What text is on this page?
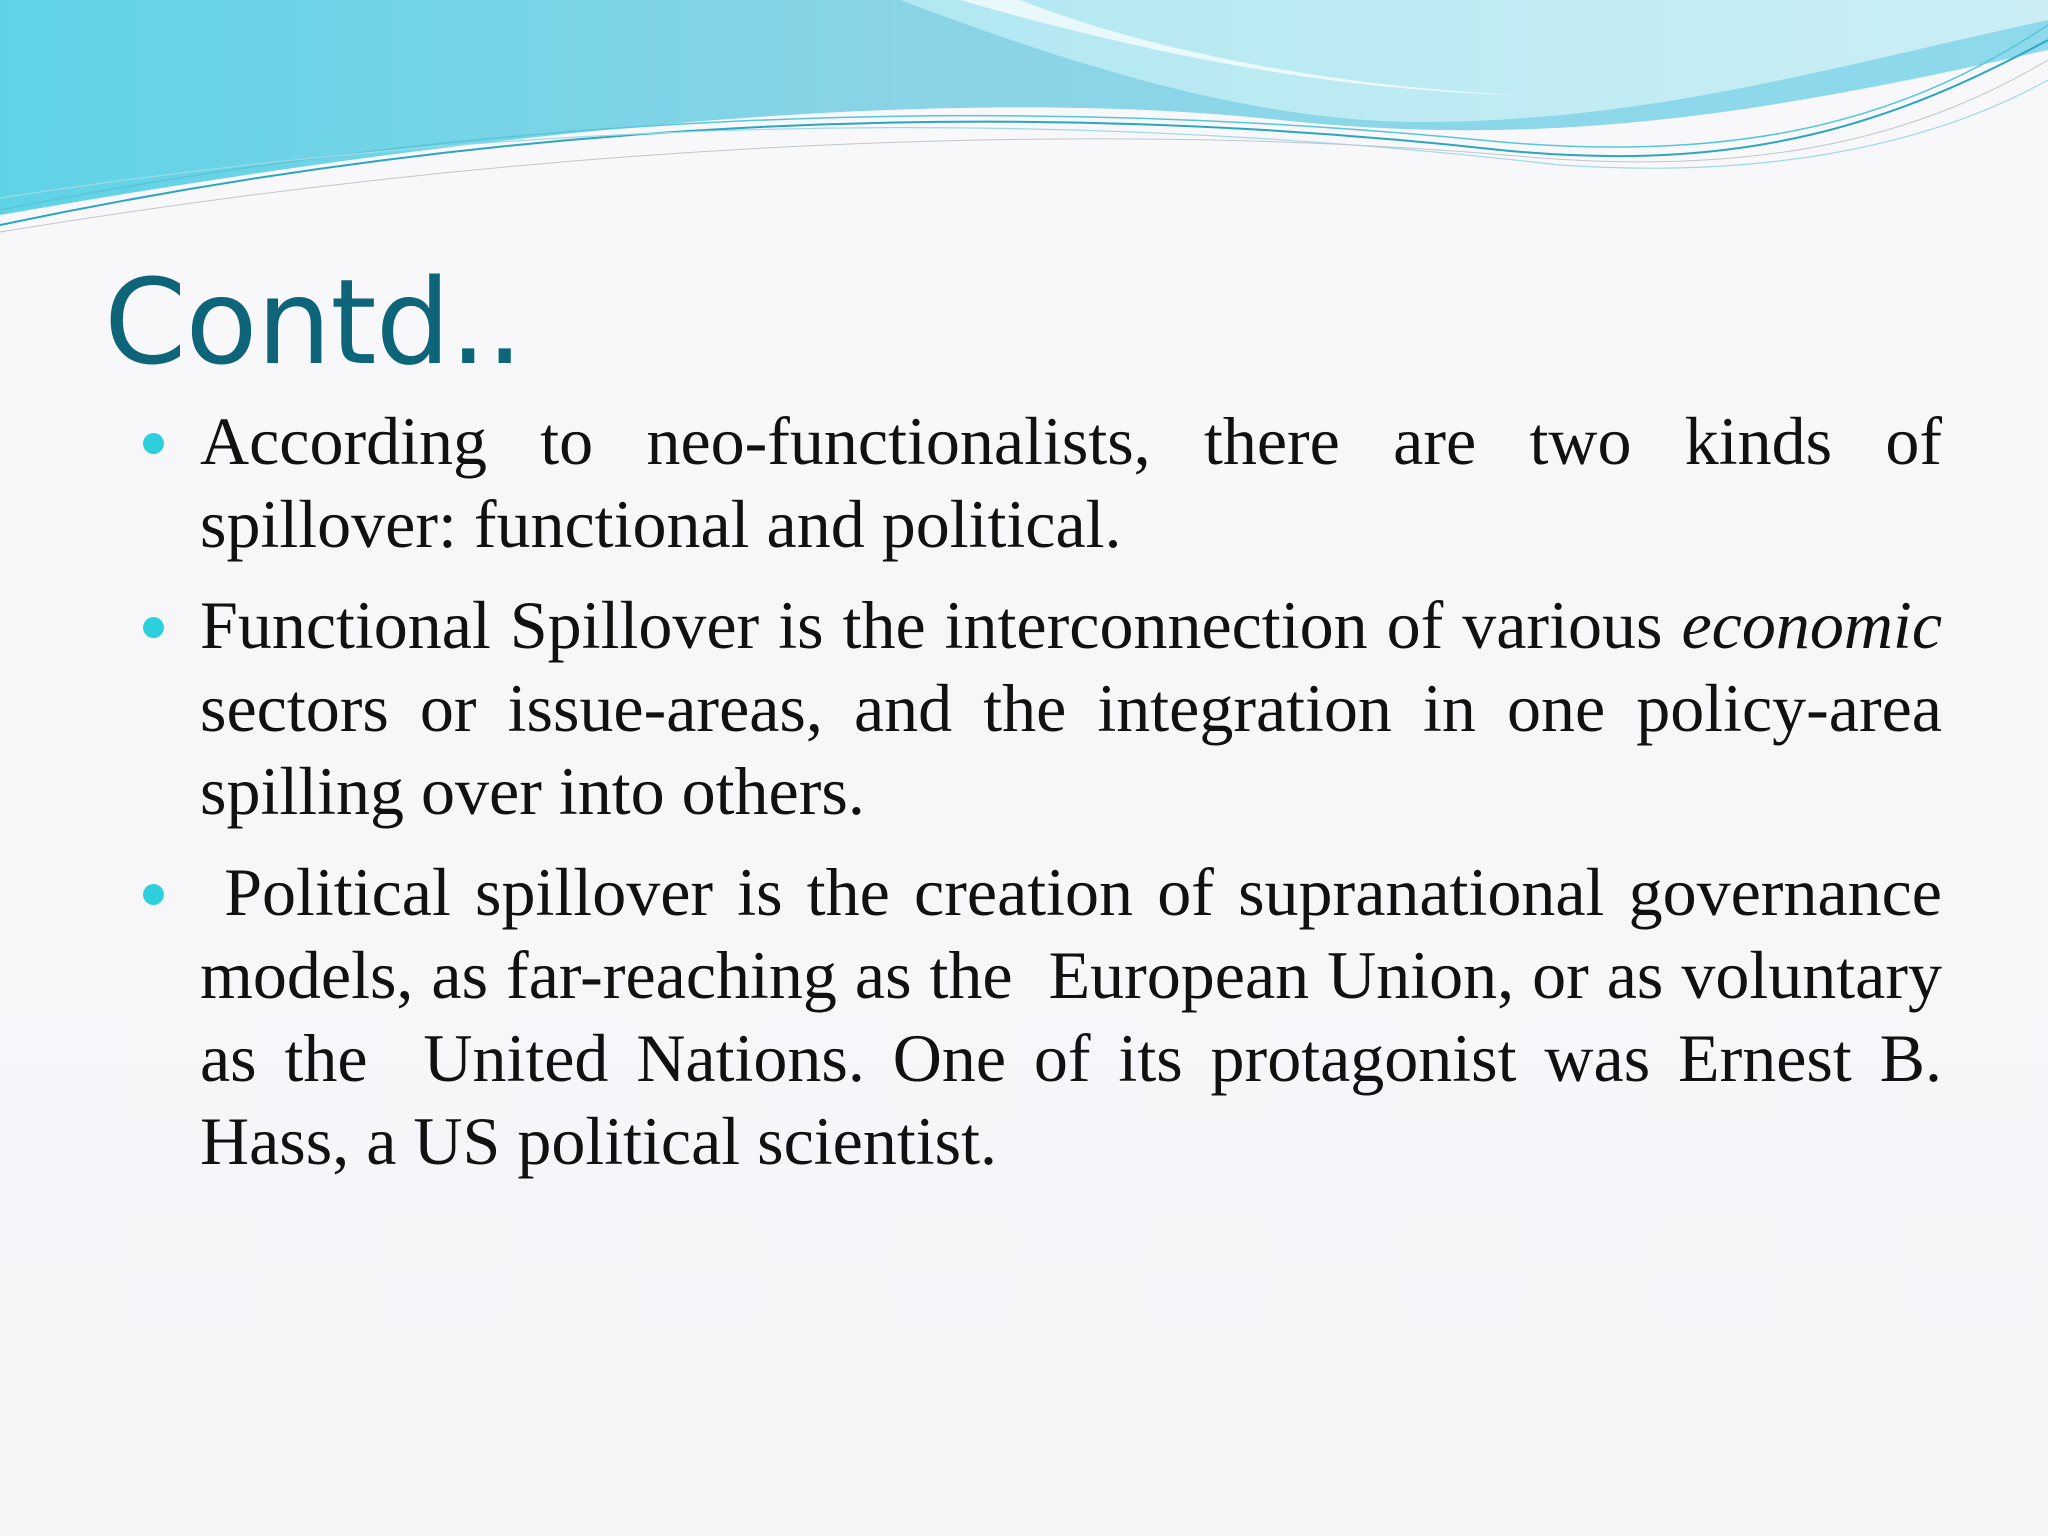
Contd..
According to neo-functionalists, there are two kinds of spillover: functional and political.
Functional Spillover is the interconnection of various economic sectors or issue-areas, and the integration in one policy-area spilling over into others.
Political spillover is the creation of supranational governance models, as far-reaching as the  European Union, or as voluntary as the  United Nations. One of its protagonist was Ernest B. Hass, a US political scientist.
